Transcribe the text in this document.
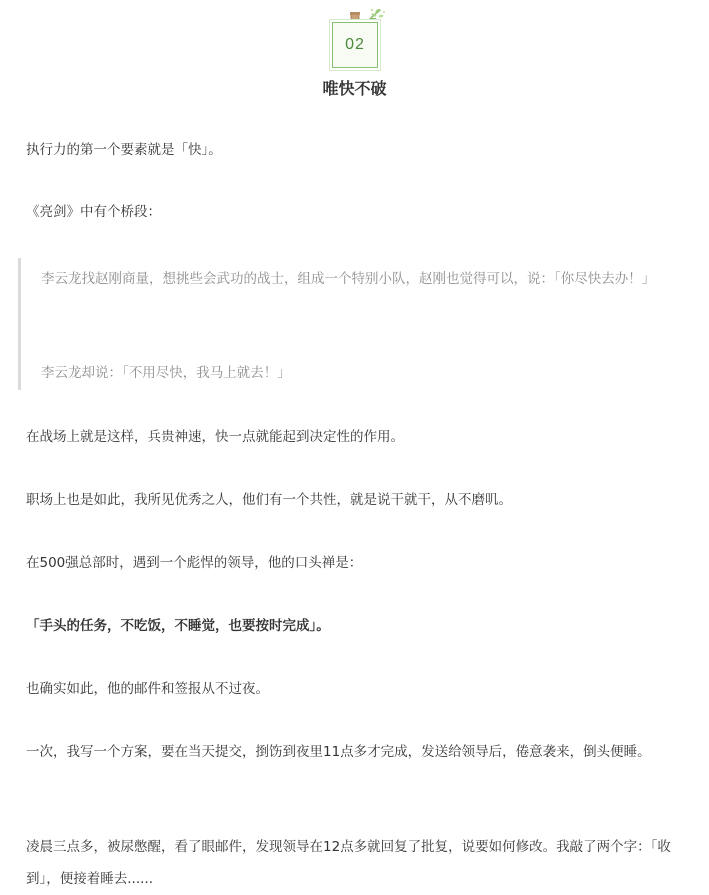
02
唯快不破
执行力的第一个要素就是「快」。
《亮剑》中有个桥段：
李云龙找赵刚商量，想挑些会武功的战士，组成一个特别小队，赵刚也觉得可以，说：「你尽快去办！」
李云龙却说：「不用尽快，我马上就去！」
在战场上就是这样，兵贵神速，快一点就能起到决定性的作用。
职场上也是如此，我所见优秀之人，他们有一个共性，就是说干就干，从不磨叽。
在500强总部时，遇到一个彪悍的领导，他的口头禅是：
「手头的任务，不吃饭，不睡觉，也要按时完成」。
也确实如此，他的邮件和签报从不过夜。
一次，我写一个方案，要在当天提交，捯饬到夜里11点多才完成，发送给领导后，倦意袭来，倒头便睡。
凌晨三点多，被尿憋醒，看了眼邮件，发现领导在12点多就回复了批复，说要如何修改。我敲了两个字：「收到」，便接着睡去......
